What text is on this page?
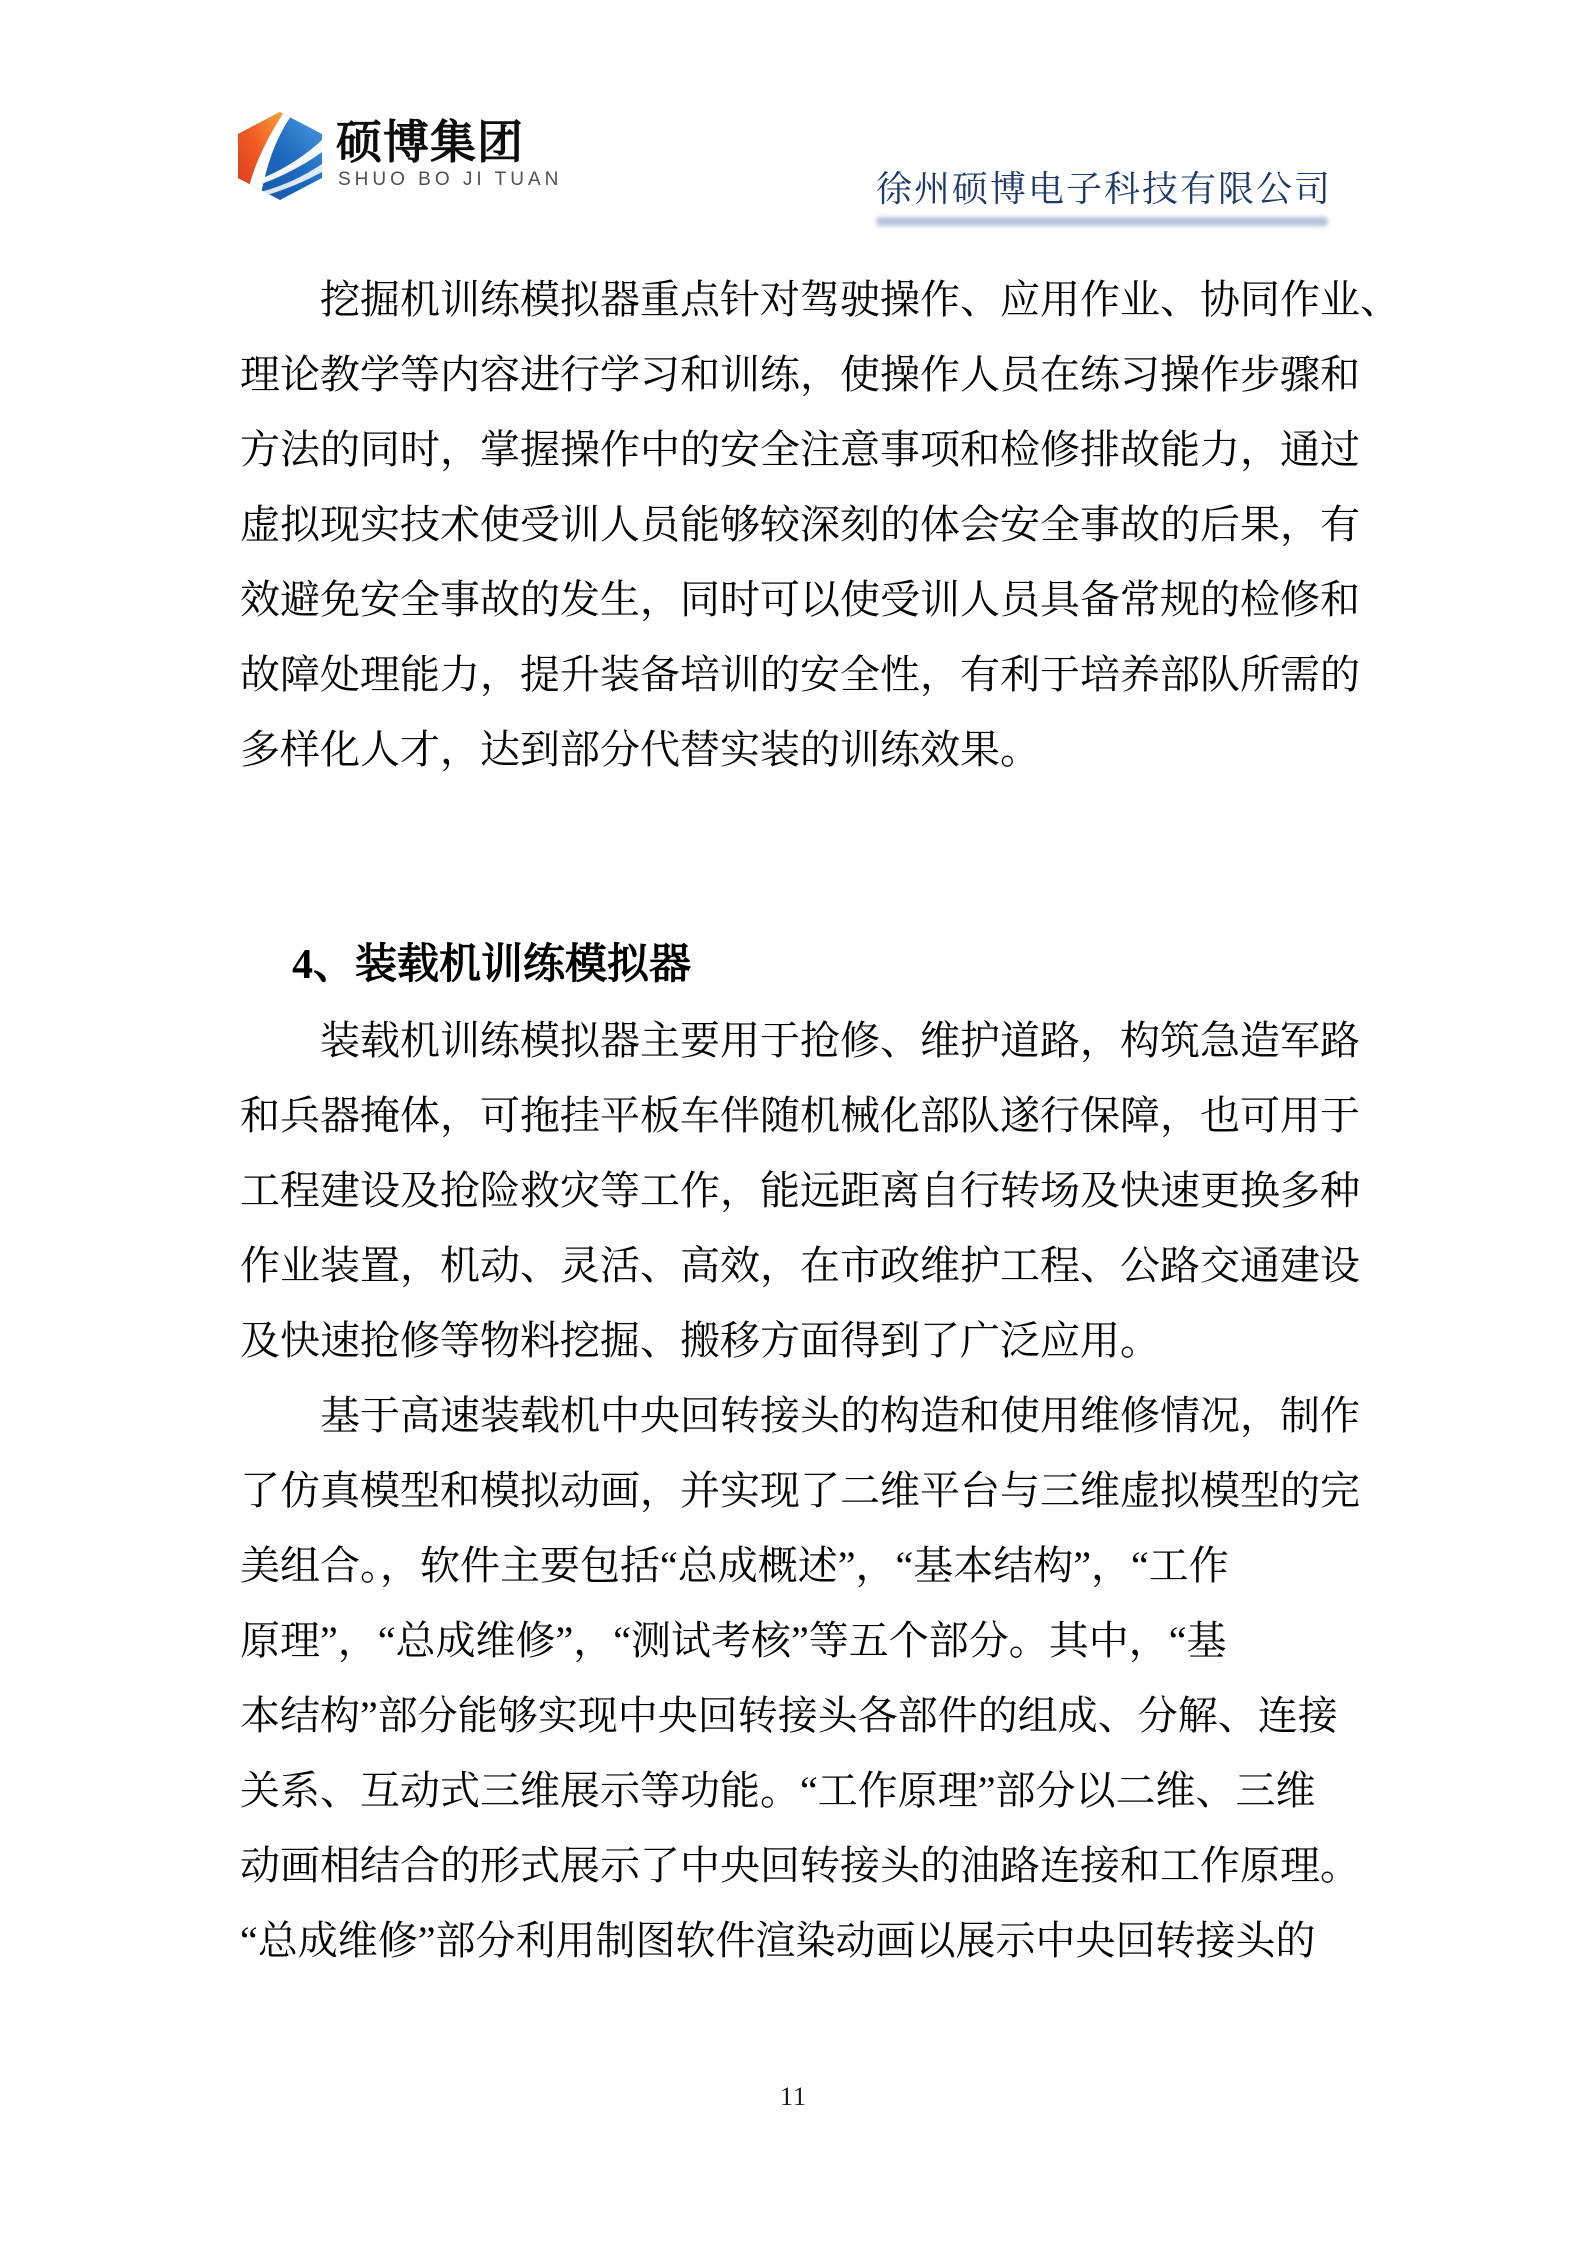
硕博集团
SHUO BO JI TUAN	徐州硕博电子科技有限公司
挖掘机训练模拟器重点针对驾驶操作、应用作业、协同作业、
理论教学等内容进行学习和训练，使操作人员在练习操作步骤和
方法的同时，掌握操作中的安全注意事项和检修排故能力，通过
虚拟现实技术使受训人员能够较深刻的体会安全事故的后果，有
效避免安全事故的发生，同时可以使受训人员具备常规的检修和
故障处理能力，提升装备培训的安全性，有利于培养部队所需的
多样化人才，达到部分代替实装的训练效果。
4、装载机训练模拟器
装载机训练模拟器主要用于抢修、维护道路，构筑急造军路
和兵器掩体，可拖挂平板车伴随机械化部队遂行保障，也可用于
工程建设及抢险救灾等工作，能远距离自行转场及快速更换多种
作业装置，机动、灵活、高效，在市政维护工程、公路交通建设
及快速抢修等物料挖掘、搬移方面得到了广泛应用。
基于高速装载机中央回转接头的构造和使用维修情况，制作
了仿真模型和模拟动画，并实现了二维平台与三维虚拟模型的完
美组合。，软件主要包括“总成概述”，“基本结构”，“工作
原理”，“总成维修”，“测试考核”等五个部分。其中，“基
本结构”部分能够实现中央回转接头各部件的组成、分解、连接
关系、互动式三维展示等功能。“工作原理”部分以二维、三维
动画相结合的形式展示了中央回转接头的油路连接和工作原理。
“总成维修”部分利用制图软件渲染动画以展示中央回转接头的
11
